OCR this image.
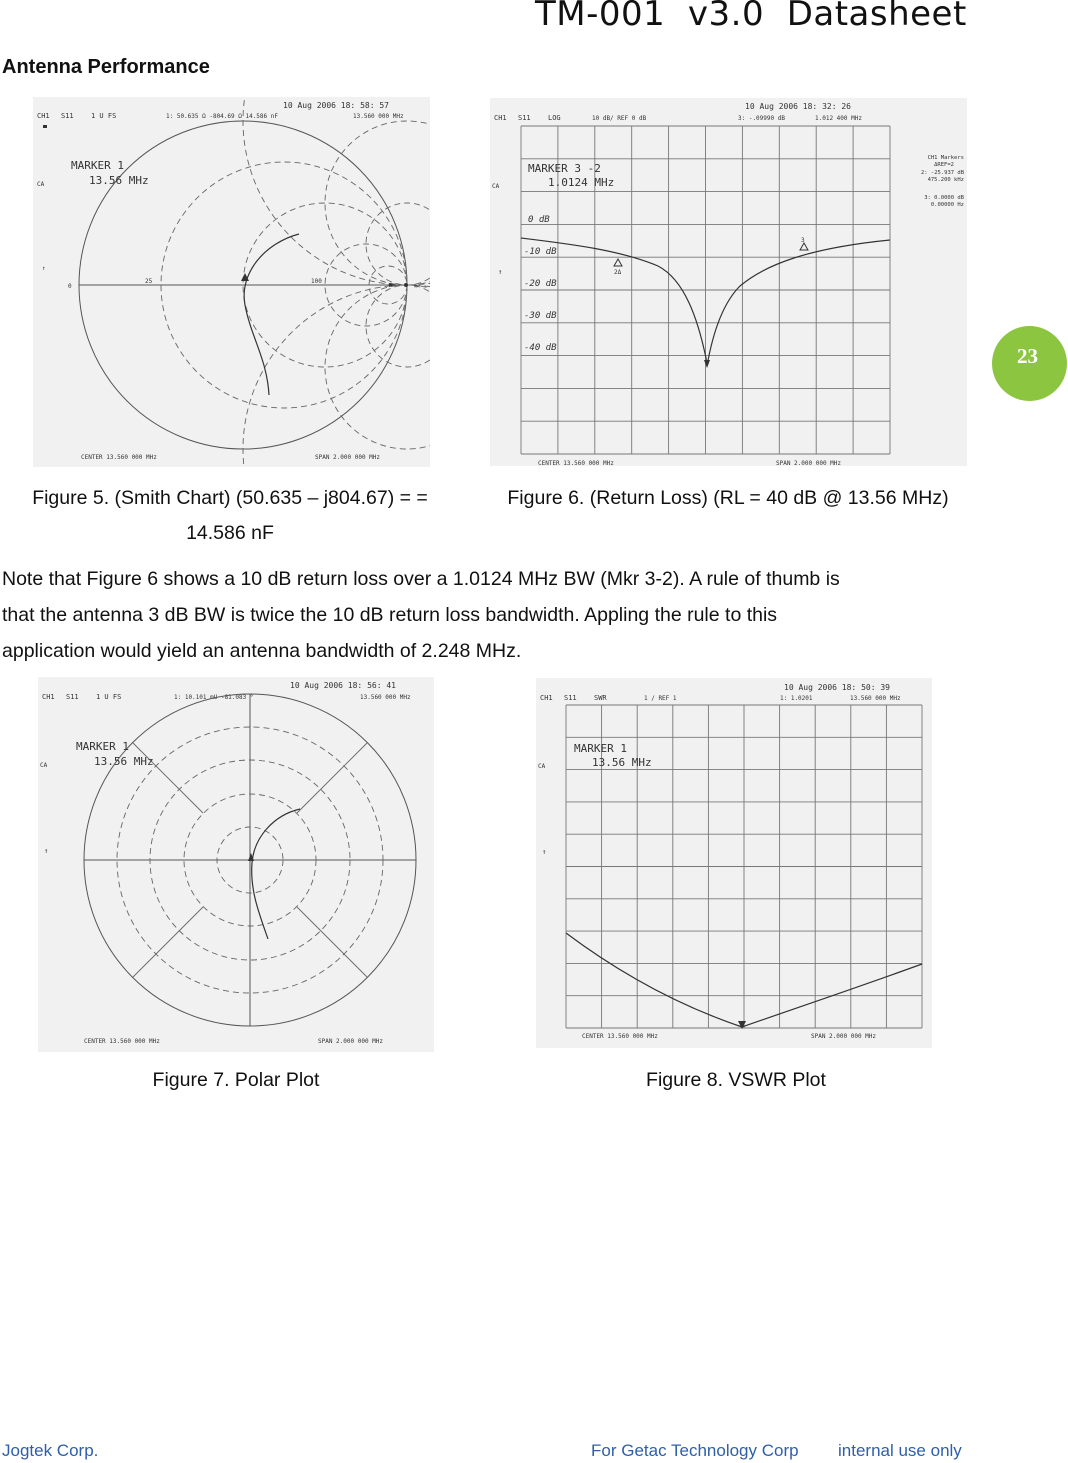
TM-001  v3.0  Datasheet
Antenna Performance
23
CH1 S11 1 U FS	1: 50.635 Ω -804.69 Ω 14.586 nF	13.560 000 MHz
10 Aug 2006 18: 58: 57
CA
CENTER 13.560 000 MHz	SPAN 2.000 000 MHz
MARKER 1
13.56 MHz
0
25	100
∞
↑
CH1 S11 LOG	10 dB/ REF 0 dB	3: -.09990 dB	1.012 400 MHz
10 Aug 2006 18: 32: 26
CA
CENTER 13.560 000 MHz	SPAN 2.000 000 MHz
CH1 Markers
ΔREF=2
2: -25.937 dB
475.200 kHz
3: 0.0000 dB
0.00000 Hz
0 dB
-10 dB
-20 dB
-30 dB
-40 dB
2Δ
3
MARKER 3 -2
1.0124 MHz
↑
Figure 5. (Smith Chart) (50.635 – j804.67) = =
14.586 nF
Figure 6. (Return Loss) (RL = 40 dB @ 13.56 MHz)
Note that Figure 6 shows a 10 dB return loss over a 1.0124 MHz BW (Mkr 3-2). A rule of thumb is
that the antenna 3 dB BW is twice the 10 dB return loss bandwidth. Appling the rule to this
application would yield an antenna bandwidth of 2.248 MHz.
CH1 S11 1 U FS	1: 10.101 mU -81.083 °	13.560 000 MHz
10 Aug 2006 18: 56: 41
CA
CENTER 13.560 000 MHz	SPAN 2.000 000 MHz
MARKER 1
13.56 MHz
↑
CH1 S11 SWR	1 / REF 1	1: 1.0201	13.560 000 MHz
10 Aug 2006 18: 50: 39
CA
CENTER 13.560 000 MHz	SPAN 2.000 000 MHz
MARKER 1
13.56 MHz
↑
Figure 7. Polar Plot	Figure 8. VSWR Plot
Jogtek Corp.	For Getac Technology Corp internal use only
